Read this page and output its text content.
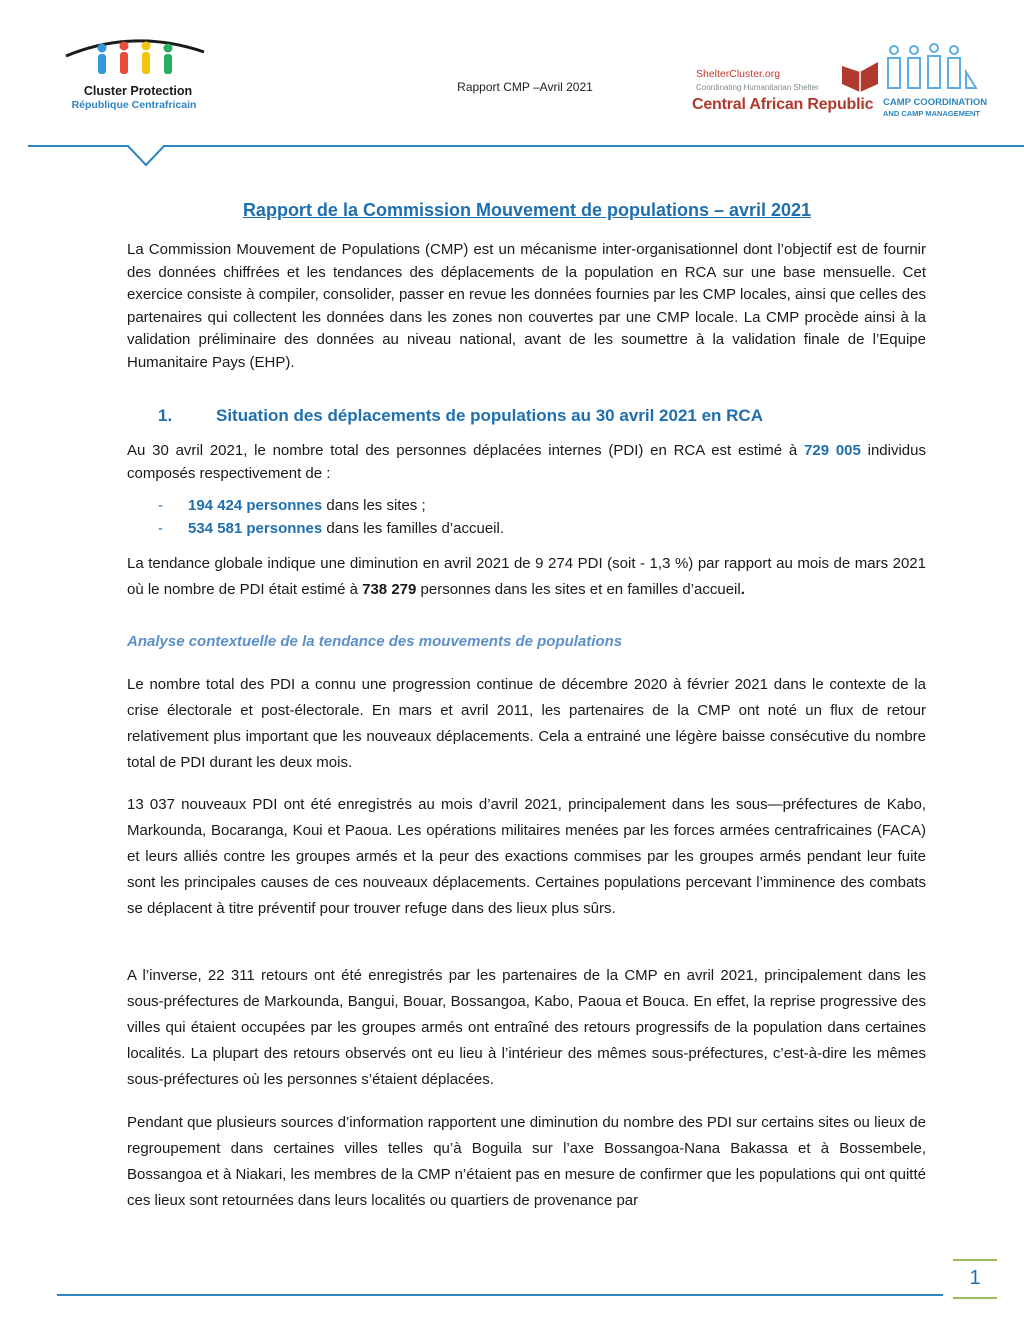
Cluster Protection
République Centrafricain
Rapport CMP –Avril 2021
ShelterCluster.org
Coordinating Humanitarian Shelter
Central African Republic CAMP COORDINATION
AND CAMP MANAGEMENT
Rapport de la Commission Mouvement de populations – avril 2021
La Commission Mouvement de Populations (CMP) est un mécanisme inter-organisationnel dont l’objectif est de fournir des données chiffrées et les tendances des déplacements de la population en RCA sur une base mensuelle. Cet exercice consiste à compiler, consolider, passer en revue les données fournies par les CMP locales, ainsi que celles des partenaires qui collectent les données dans les zones non couvertes par une CMP locale. La CMP procède ainsi à la validation préliminaire des données au niveau national, avant de les soumettre à la validation finale de l’Equipe Humanitaire Pays (EHP).
1.	Situation des déplacements de populations au 30 avril 2021 en RCA
Au 30 avril 2021, le nombre total des personnes déplacées internes (PDI) en RCA est estimé à 729 005 individus composés respectivement de :
- 194 424 personnes dans les sites ;
- 534 581 personnes dans les familles d’accueil.
La tendance globale indique une diminution en avril 2021 de 9 274 PDI (soit - 1,3 %) par rapport au mois de mars 2021 où le nombre de PDI était estimé à 738 279 personnes dans les sites et en familles d’accueil.
Analyse contextuelle de la tendance des mouvements de populations
Le nombre total des PDI a connu une progression continue de décembre 2020 à février 2021 dans le contexte de la crise électorale et post-électorale. En mars et avril 2011, les partenaires de la CMP ont noté un flux de retour relativement plus important que les nouveaux déplacements. Cela a entrainé une légère baisse consécutive du nombre total de PDI durant les deux mois.
13 037 nouveaux PDI ont été enregistrés au mois d’avril 2021, principalement dans les sous—préfectures de Kabo, Markounda, Bocaranga, Koui et Paoua. Les opérations militaires menées par les forces armées centrafricaines (FACA) et leurs alliés contre les groupes armés et la peur des exactions commises par les groupes armés pendant leur fuite sont les principales causes de ces nouveaux déplacements. Certaines populations percevant l’imminence des combats se déplacent à titre préventif pour trouver refuge dans des lieux plus sûrs.
A l’inverse, 22 311 retours ont été enregistrés par les partenaires de la CMP en avril 2021, principalement dans les sous-préfectures de Markounda, Bangui, Bouar, Bossangoa, Kabo, Paoua et Bouca. En effet, la reprise progressive des villes qui étaient occupées par les groupes armés ont entraîné des retours progressifs de la population dans certaines localités. La plupart des retours observés ont eu lieu à l’intérieur des mêmes sous-préfectures, c’est-à-dire les mêmes sous-préfectures où les personnes s’étaient déplacées.
Pendant que plusieurs sources d’information rapportent une diminution du nombre des PDI sur certains sites ou lieux de regroupement dans certaines villes telles qu’à Boguila sur l’axe Bossangoa-Nana Bakassa et à Bossembele, Bossangoa et à Niakari, les membres de la CMP n’étaient pas en mesure de confirmer que les populations qui ont quitté ces lieux sont retournées dans leurs localités ou quartiers de provenance par
1
